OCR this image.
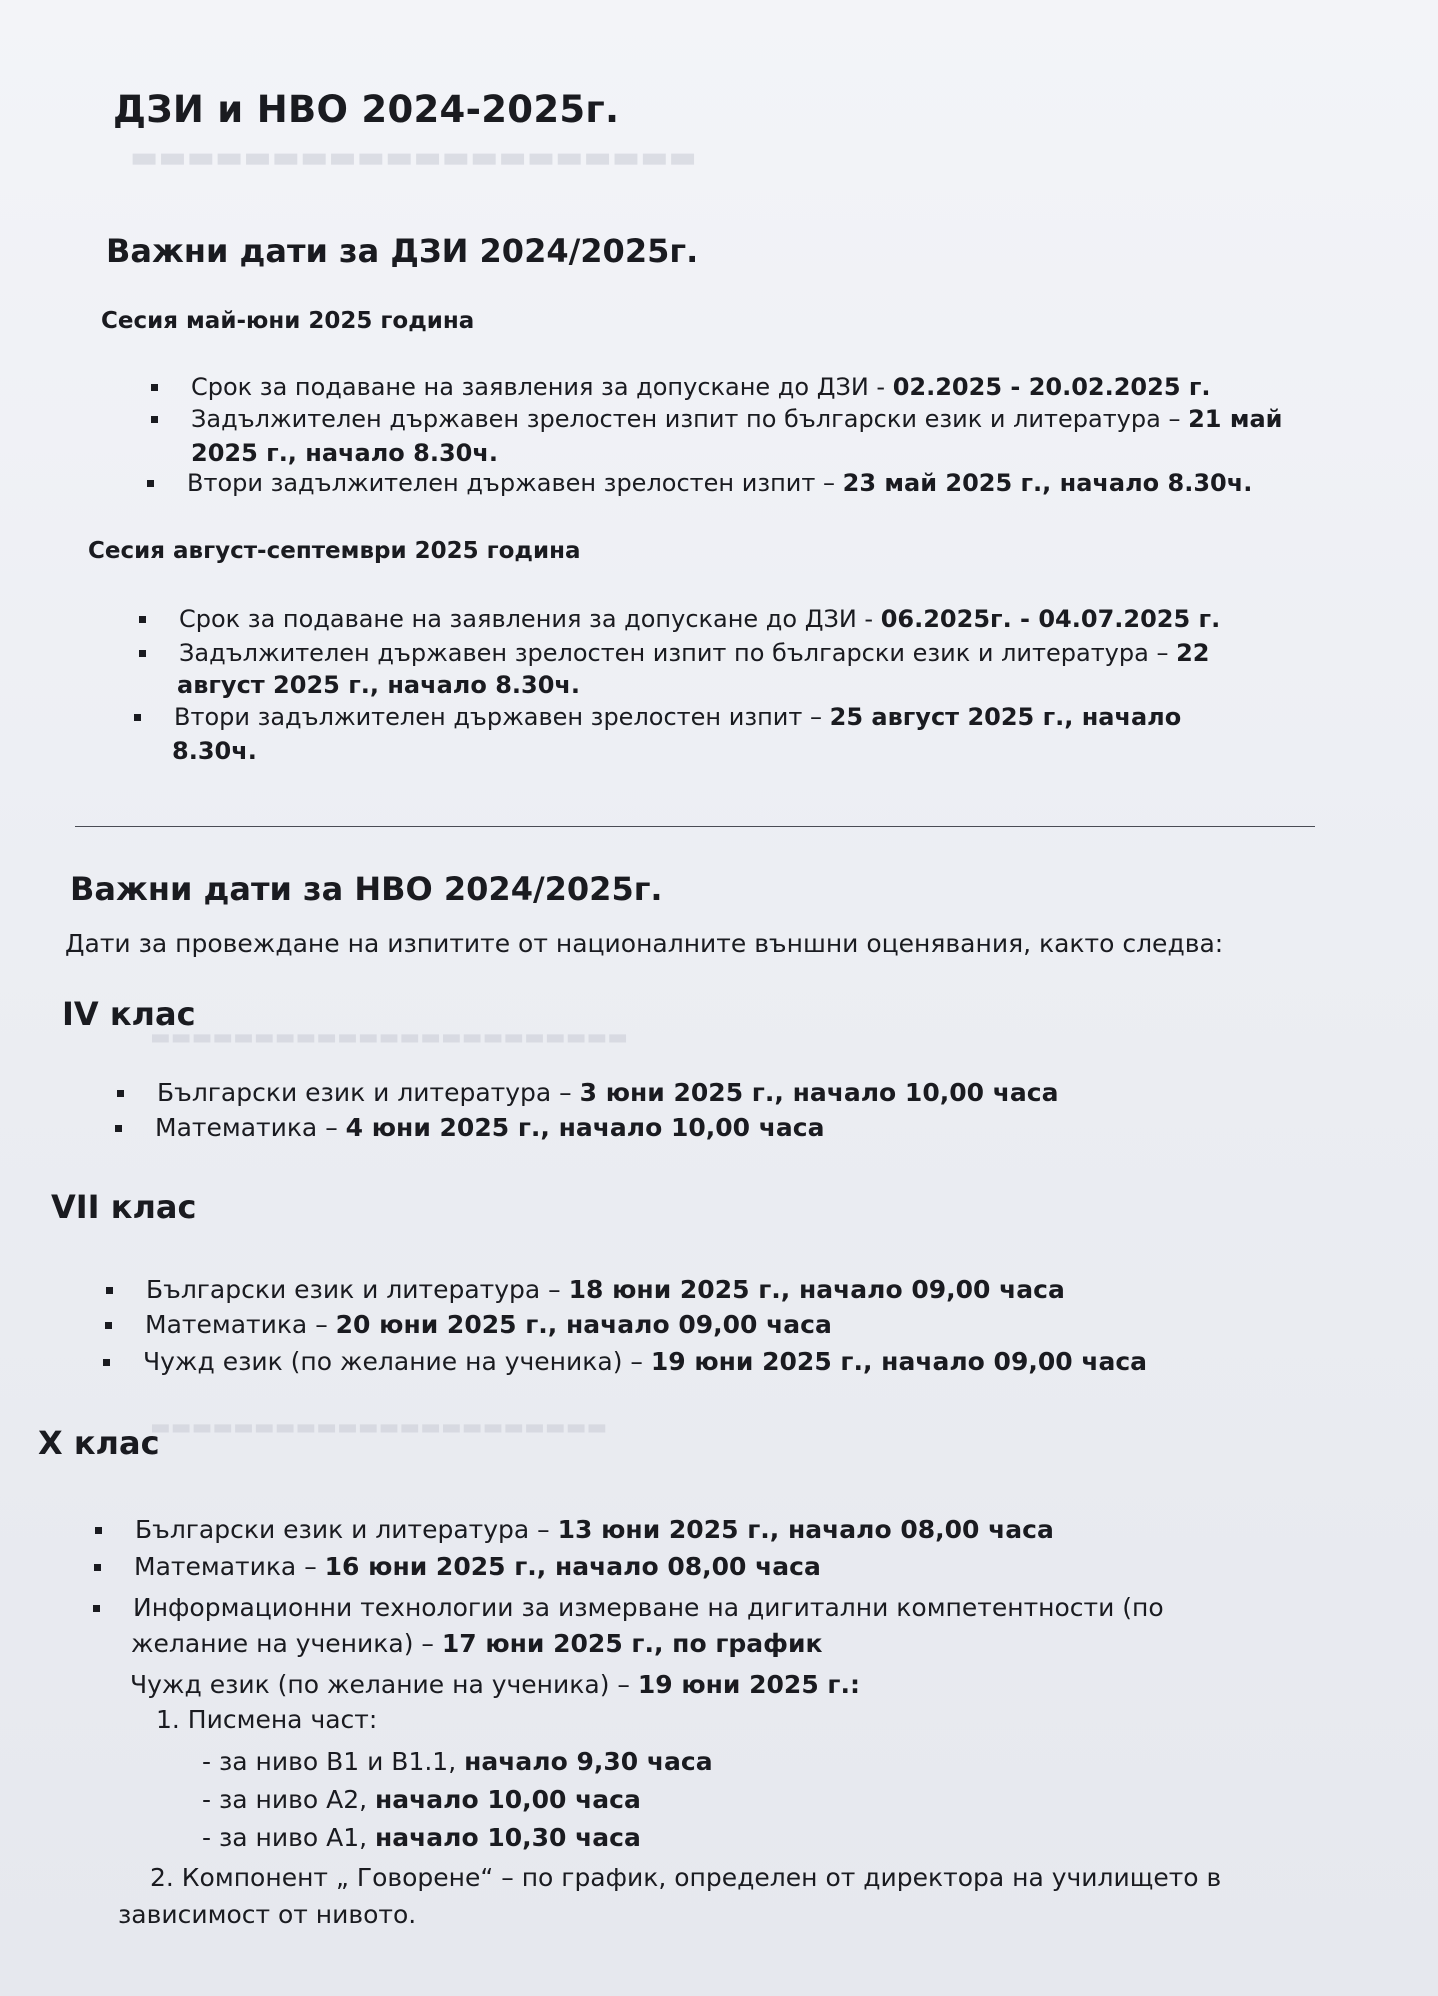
▬▬▬▬▬▬▬▬▬▬▬▬▬▬▬▬▬▬▬▬
▬▬▬▬▬▬▬▬▬▬▬▬▬▬▬▬▬▬▬▬▬▬▬
▬▬▬▬▬▬▬▬▬▬▬▬▬▬▬▬▬▬▬▬▬▬
ДЗИ и НВО 2024-2025г.
Важни дати за ДЗИ 2024/2025г.
Сесия май-юни 2025 година
Срок за подаване на заявления за допускане до ДЗИ - 02.2025 - 20.02.2025 г.
Задължителен държавен зрелостен изпит по български език и литература – 21 май
2025 г., начало 8.30ч.
Втори задължителен държавен зрелостен изпит – 23 май 2025 г., начало 8.30ч.
Сесия август-септември 2025 година
Срок за подаване на заявления за допускане до ДЗИ - 06.2025г. - 04.07.2025 г.
Задължителен държавен зрелостен изпит по български език и литература – 22
август 2025 г., начало 8.30ч.
Втори задължителен държавен зрелостен изпит – 25 август 2025 г., начало
8.30ч.
Важни дати за НВО 2024/2025г.
Дати за провеждане на изпитите от националните външни оценявания, както следва:
IV клас
Български език и литература – 3 юни 2025 г., начало 10,00 часа
Математика – 4 юни 2025 г., начало 10,00 часа
VII клас
Български език и литература – 18 юни 2025 г., начало 09,00 часа
Математика – 20 юни 2025 г., начало 09,00 часа
Чужд език (по желание на ученика) – 19 юни 2025 г., начало 09,00 часа
X клас
Български език и литература – 13 юни 2025 г., начало 08,00 часа
Математика – 16 юни 2025 г., начало 08,00 часа
Информационни технологии за измерване на дигитални компетентности (по
желание на ученика) – 17 юни 2025 г., по график
Чужд език (по желание на ученика) – 19 юни 2025 г.:
1. Писмена част:
- за ниво В1 и В1.1, начало 9,30 часа
- за ниво А2, начало 10,00 часа
- за ниво А1, начало 10,30 часа
2. Компонент „ Говорене“ – по график, определен от директора на училището в
зависимост от нивото.
